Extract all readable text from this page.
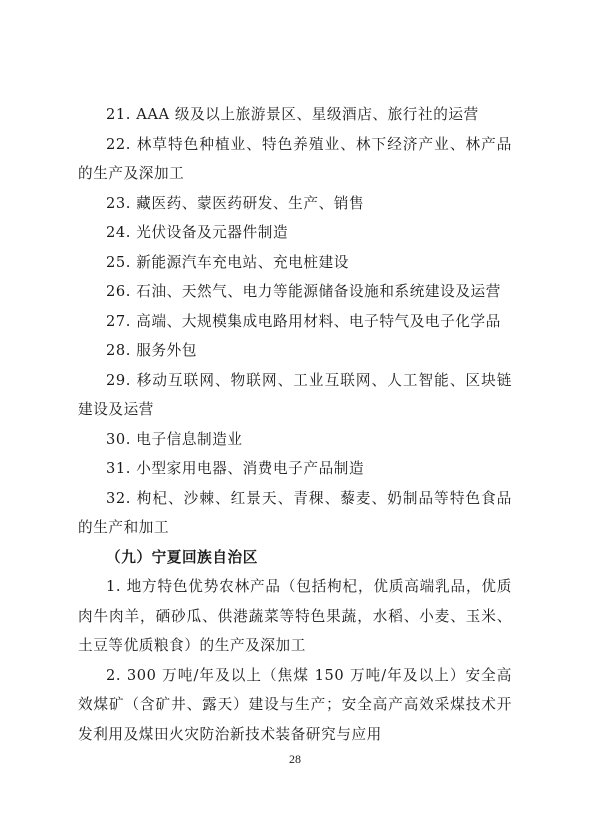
21. AAA 级及以上旅游景区、星级酒店、旅行社的运营

22. 林草特色种植业、特色养殖业、林下经济产业、林产品的生产及深加工

23. 藏医药、蒙医药研发、生产、销售

24. 光伏设备及元器件制造

25. 新能源汽车充电站、充电桩建设

26. 石油、天然气、电力等能源储备设施和系统建设及运营

27. 高端、大规模集成电路用材料、电子特气及电子化学品

28. 服务外包

29. 移动互联网、物联网、工业互联网、人工智能、区块链建设及运营

30. 电子信息制造业

31. 小型家用电器、消费电子产品制造

32. 枸杞、沙棘、红景天、青稞、藜麦、奶制品等特色食品的生产和加工

（九）宁夏回族自治区

1. 地方特色优势农林产品（包括枸杞，优质高端乳品，优质肉牛肉羊，硒砂瓜、供港蔬菜等特色果蔬，水稻、小麦、玉米、土豆等优质粮食）的生产及深加工

2. 300 万吨/年及以上（焦煤 150 万吨/年及以上）安全高效煤矿（含矿井、露天）建设与生产；安全高产高效采煤技术开发利用及煤田火灾防治新技术装备研究与应用

28
